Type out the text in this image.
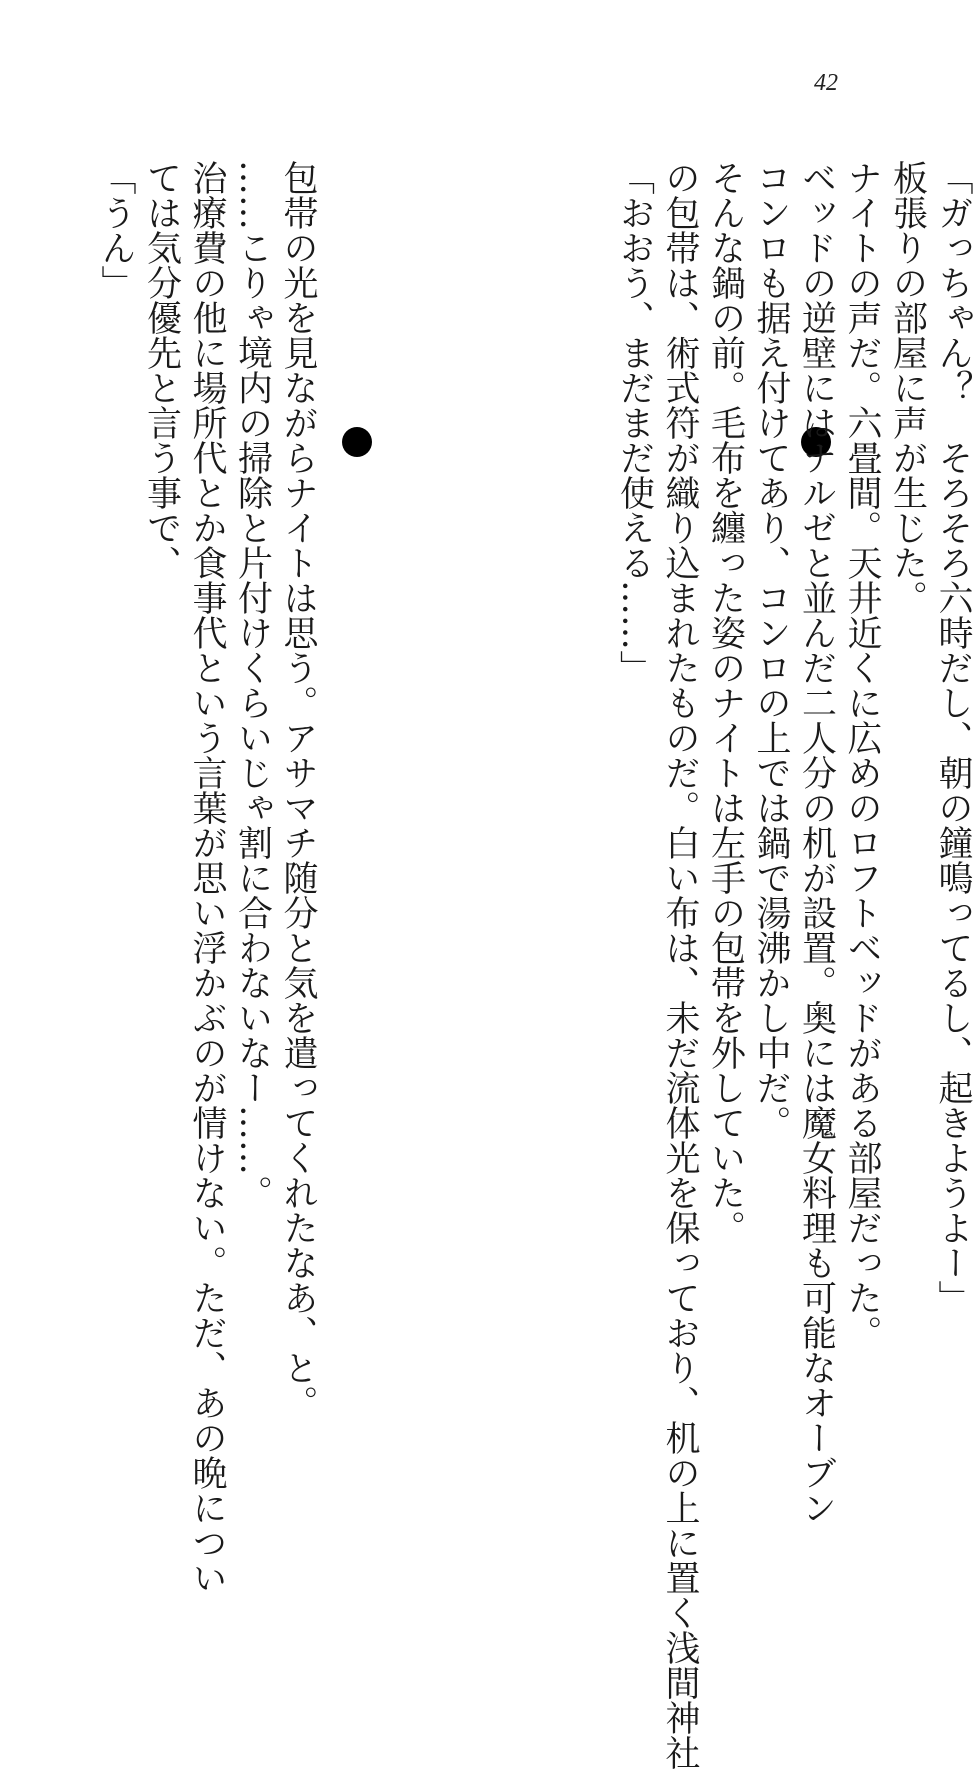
42
「ガっちゃん？　そろそろ六時だし、朝の鐘鳴ってるし、起きようよー」
板張りの部屋に声が生じた。
ナイトの声だ。六畳間。天井近くに広めのロフトベッドがある部屋だった。
ベッドの逆壁にはナルゼと並んだ二人分の机が設置。奥には魔女料理も可能なオーブン
コンロも据え付けてあり、コンロの上では鍋で湯沸かし中だ。
そんな鍋の前。毛布を纏った姿のナイトは左手の包帯を外していた。
の包帯は、術式符が織り込まれたものだ。白い布は、未だ流体光を保っており、机の上に置く浅間神社
「おおう、まだまだ使える……」
包帯の光を見ながらナイトは思う。アサマチ随分と気を遣ってくれたなあ、と。
……こりゃ境内の掃除と片付けくらいじゃ割に合わないなー……。
治療費の他に場所代とか食事代という言葉が思い浮かぶのが情けない。ただ、あの晩につい
ては気分優先と言う事で、
「うん」
